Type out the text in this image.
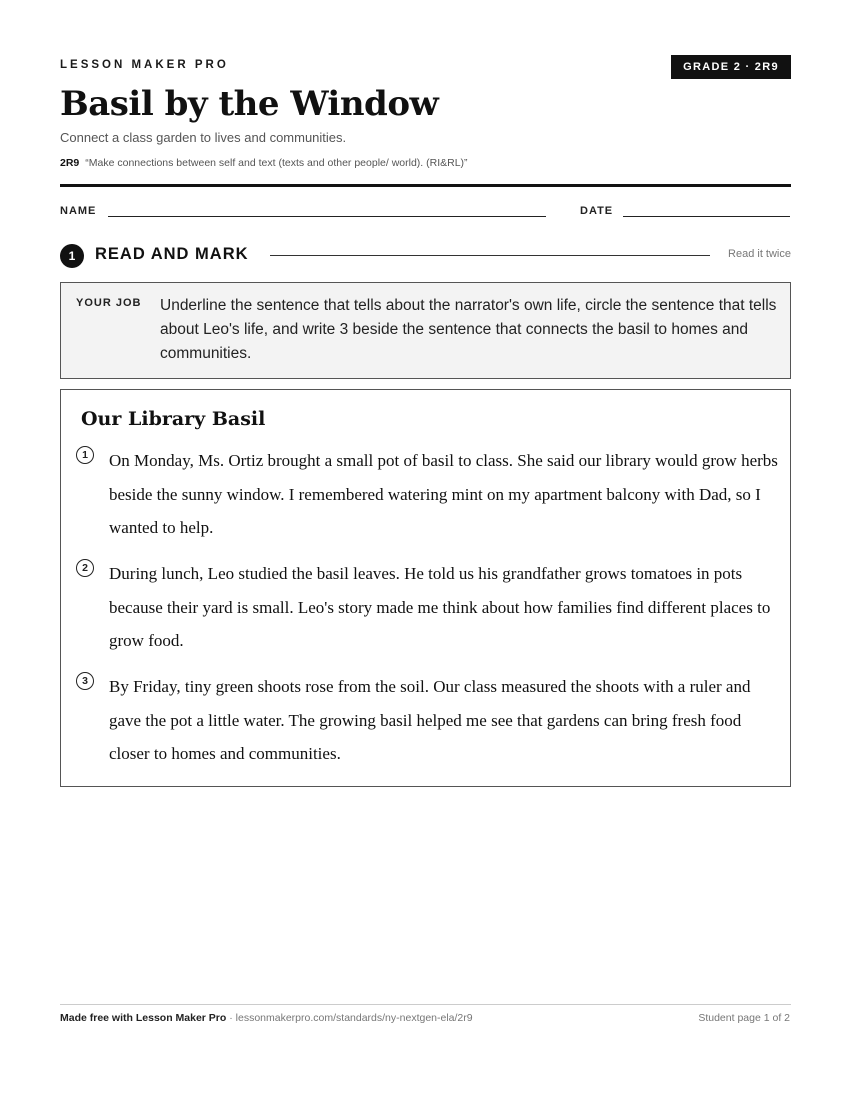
LESSON MAKER PRO	GRADE 2 · 2R9
Basil by the Window
Connect a class garden to lives and communities.
2R9 “Make connections between self and text (texts and other people/ world). (RI&RL)”
NAME	DATE
1	READ AND MARK	Read it twice
YOUR JOB Underline the sentence that tells about the narrator's own life, circle the sentence that tells about Leo's life, and write 3 beside the sentence that connects the basil to homes and communities.
Our Library Basil
1	On Monday, Ms. Ortiz brought a small pot of basil to class. She said our library would grow herbs beside the sunny window. I remembered watering mint on my apartment balcony with Dad, so I wanted to help.

2	During lunch, Leo studied the basil leaves. He told us his grandfather grows tomatoes in pots because their yard is small. Leo's story made me think about how families find different places to grow food.

3	By Friday, tiny green shoots rose from the soil. Our class measured the shoots with a ruler and gave the pot a little water. The growing basil helped me see that gardens can bring fresh food closer to homes and communities.

Made free with Lesson Maker Pro · lessonmakerpro.com/standards/ny-nextgen-ela/2r9	Student page 1 of 2
